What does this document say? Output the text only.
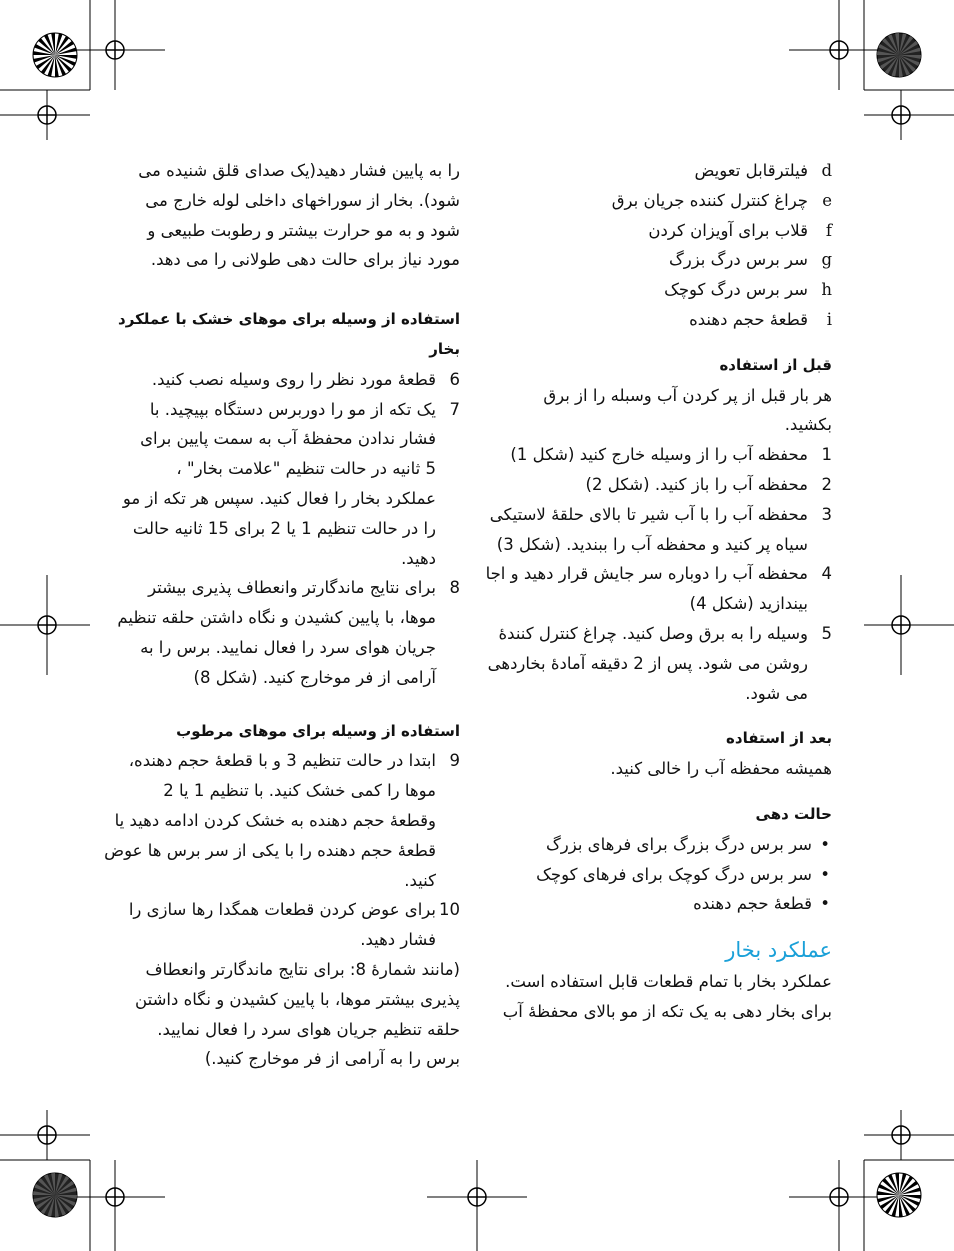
dفیلترقابل تعویض
eچراغ کنترل کننده جریان برق
fقلاب برای آویزان کردن
gسر برس درگ بزرگ
hسر برس درگ کوچک
iقطعۀ حجم دهنده
قبل از استفاده
هر بار قبل از پر کردن آب وسبله را از برق
بکشید.
1
محفظه آب را از وسیله خارج کنید (شکل 1)
2
محفظه آب را باز کنید. (شکل 2)
3
محفظه آب را با آب شیر تا بالای حلقۀ لاستیکی
سیاه پر کنید و محفظه آب را ببندید. (شکل 3)
4
محفظه آب را دوباره سر جایش قرار دهید و اجا
بیندازید (شکل 4)
5
وسیله را به برق وصل کنید. چراغ کنترل کنندۀ
روشن می شود. پس از 2 دقیقه آمادۀ بخاردهی
می شود.
بعد از استفاده
همیشه محفظه آب را خالی کنید.
حالت دهی
•
سر برس درگ بزرگ برای فرهای بزرگ
•
سر برس درگ کوچک برای فرهای کوچک
•
قطعۀ حجم دهنده
عملکرد بخار
عملکرد بخار با تمام قطعات قابل استفاده است.
برای بخار دهی به یک تکه از مو بالای محفظۀ آب
را به پایین فشار دهید(یک صدای قلق شنیده می
شود). بخار از سوراخهای داخلی لوله خارج می
شود و به مو حرارت بیشتر و رطوبت طبیعی و
مورد نیاز برای حالت دهی طولانی را می دهد.
استفاده از وسیله برای موهای خشک با عملکرد
بخار
6
قطعۀ مورد نظر را روی وسیله نصب کنید.
7
یک تکه از مو را دوربرس دستگاه بپیچید. با
فشار ندادن محفظۀ آب به سمت پایین برای
5 ثانیه در حالت تنظیم "علامت بخار" ،
عملکرد بخار را فعال کنید. سپس هر تکه از مو
را در حالت تنظیم 1 یا 2 برای 15 ثانیه حالت
دهید.
8
برای نتایج ماندگارتر وانعطاف پذیری بیشتر
موها، با پایین کشیدن و نگاه داشتن حلقه تنظیم
جریان هوای سرد را فعال نمایید. برس را به
آرامی از فر موخارج کنید. (شکل 8)
استفاده از وسیله برای موهای مرطوب
9
ابتدا در حالت تنظیم 3 و با قطعۀ حجم دهنده،
موها را کمی خشک کنید. با تنظیم 1 یا 2
وقطعۀ حجم دهنده به خشک کردن ادامه دهید یا
قطعۀ حجم دهنده را با یکی از سر برس ها عوض
کنید.
10
برای عوض کردن قطعات همگدا رها سازی را
فشار دهید.
(مانند شمارۀ 8: برای نتایج ماندگارتر وانعطاف
پذیری بیشتر موها، با پایین کشیدن و نگاه داشتن
حلقه تنظیم جریان هوای سرد را فعال نمایید.
برس را به آرامی از فر موخارج کنید.)
